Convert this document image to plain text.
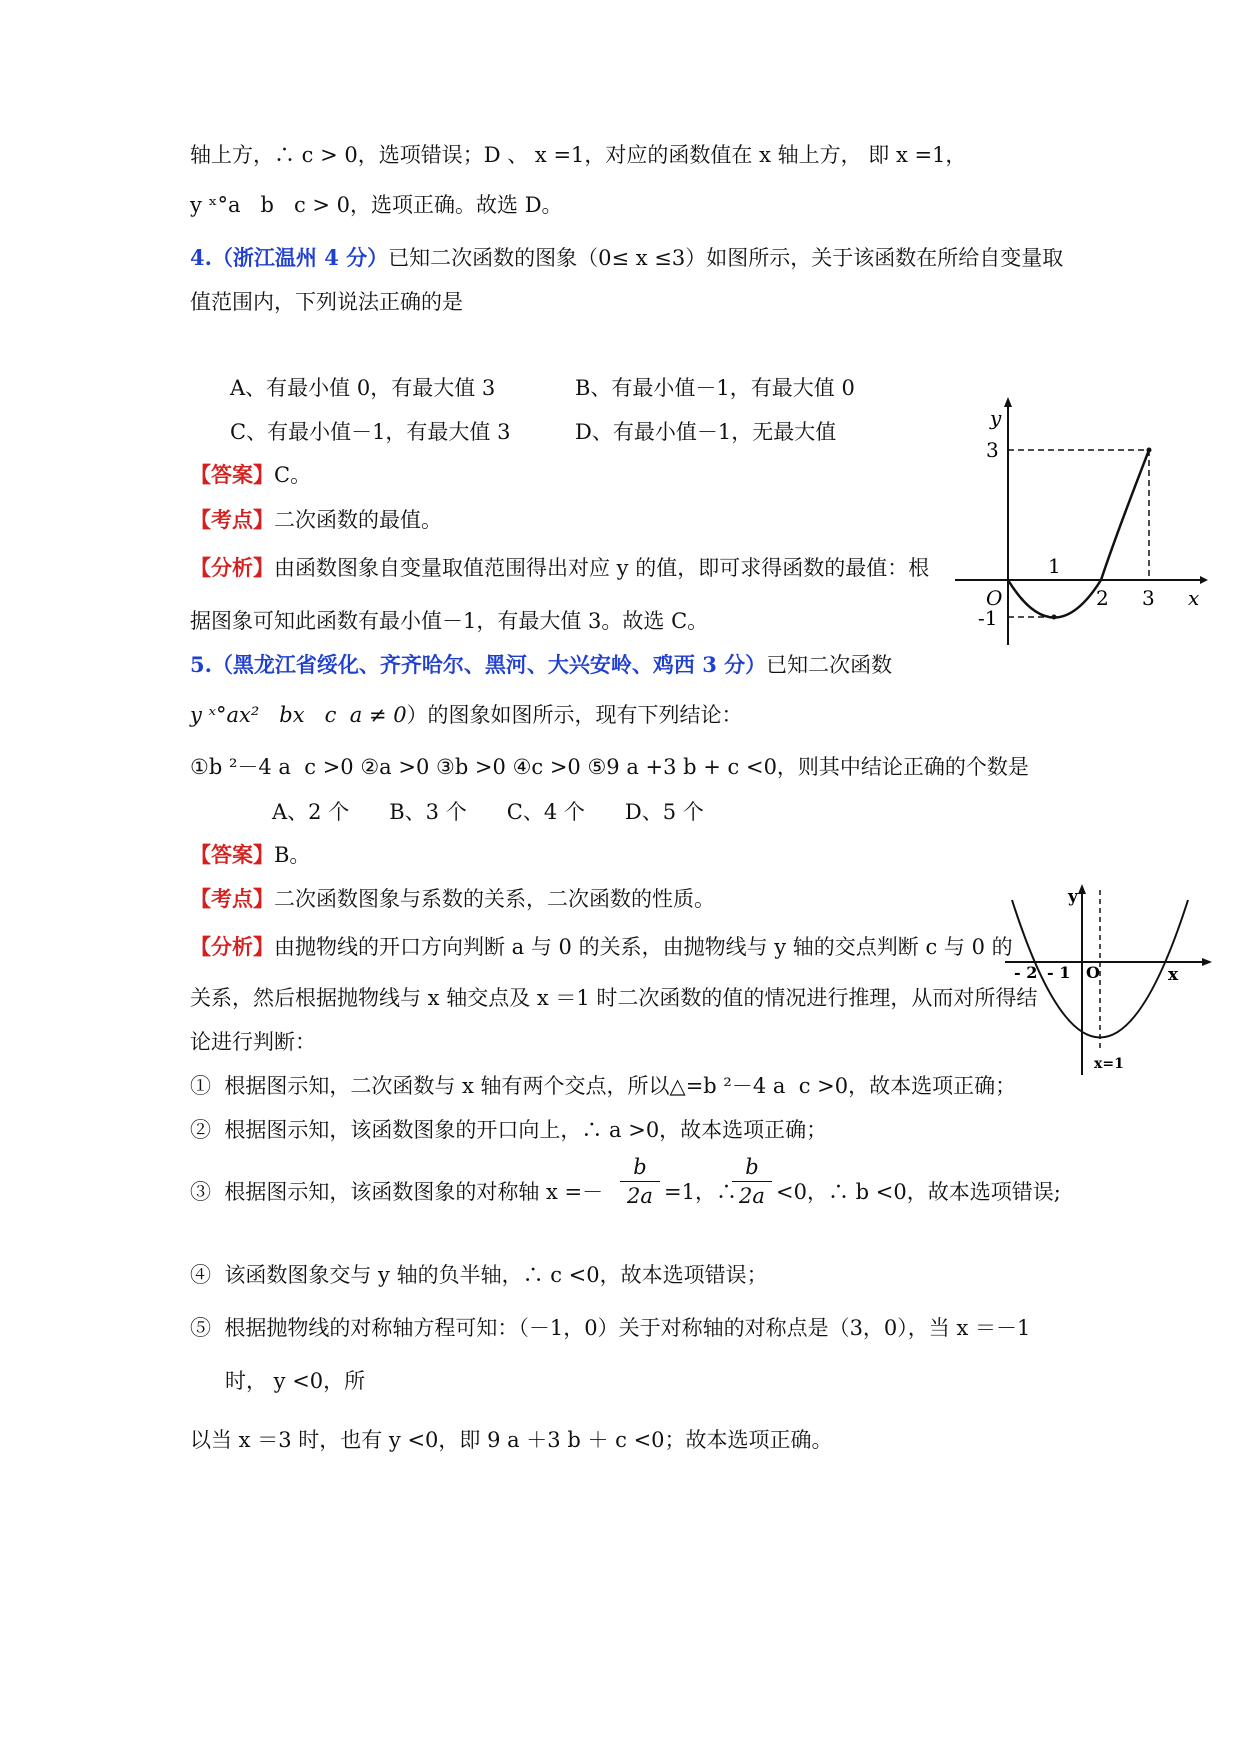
轴上方，∴ c > 0，选项错误；D 、 x =1，对应的函数值在 x 轴上方， 即 x =1，
y ˣ°a   b   c > 0，选项正确。故选 D。
4.（浙江温州 4 分）已知二次函数的图象（0≤ x ≤3）如图所示，关于该函数在所给自变量取
值范围内，下列说法正确的是
A、有最小值 0，有最大值 3	B、有最小值－1，有最大值 0
C、有最小值－1，有最大值 3	D、有最小值－1，无最大值
【答案】C。
【考点】二次函数的最值。
【分析】由函数图象自变量取值范围得出对应 y 的值，即可求得函数的最值：根
据图象可知此函数有最小值－1，有最大值 3。故选 C。
5.（黑龙江省绥化、齐齐哈尔、黑河、大兴安岭、鸡西 3 分）已知二次函数
y ˣ°ax²   bx   c  a ≠ 0）的图象如图所示，现有下列结论：
①b ²－4 a  c >0 ②a >0 ③b >0 ④c >0 ⑤9 a +3 b + c <0，则其中结论正确的个数是
A、2 个      B、3 个      C、4 个      D、5 个
【答案】B。
【考点】二次函数图象与系数的关系，二次函数的性质。
【分析】由抛物线的开口方向判断 a 与 0 的关系，由抛物线与 y 轴的交点判断 c 与 0 的
关系，然后根据抛物线与 x 轴交点及 x ＝1 时二次函数的值的情况进行推理，从而对所得结
论进行判断：
①  根据图示知，二次函数与 x 轴有两个交点，所以△=b ²－4 a  c >0，故本选项正确；
②  根据图示知，该函数图象的开口向上，∴ a >0，故本选项正确；
③  根据图示知，该函数图象的对称轴 x =－
b
2a =1，∴
b
2a <0，∴ b <0，故本选项错误;
④  该函数图象交与 y 轴的负半轴，∴ c <0，故本选项错误；
⑤  根据抛物线的对称轴方程可知：（－1，0）关于对称轴的对称点是（3，0），当 x ＝－1
时， y <0，所
以当 x ＝3 时，也有 y <0，即 9 a ＋3 b ＋ c <0；故本选项正确。
y
x
O
3
-1
1
2 3
y
x
O
- 2 - 1
x=1
